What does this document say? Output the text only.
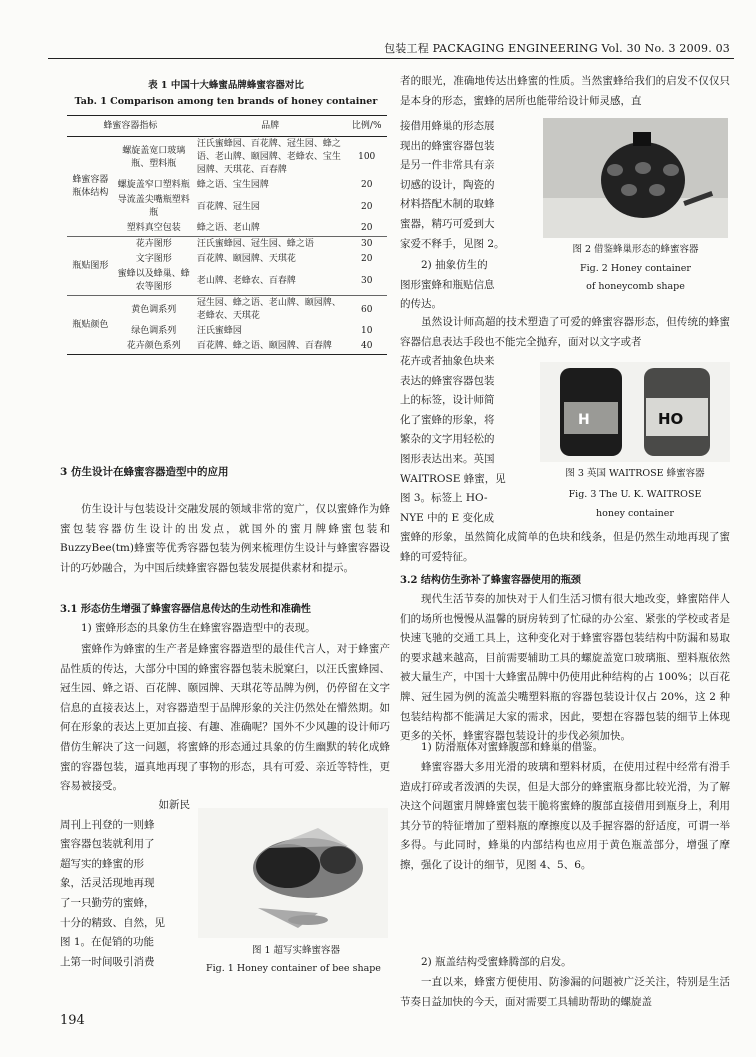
包装工程 PACKAGING ENGINEERING Vol. 30 No. 3 2009. 03
表 1 中国十大蜂蜜品牌蜂蜜容器对比
Tab. 1 Comparison among ten brands of honey container
蜂蜜容器指标		品牌	比例/%
蜂蜜容器瓶体结构	螺旋盖宽口玻璃瓶、塑料瓶	汪氏蜜蜂园、百花牌、冠生园、蜂之语、老山牌、颐园牌、老蜂农、宝生园牌、天琪花、百春牌	100
	螺旋盖窄口塑料瓶	蜂之语、宝生园牌	20
	导流盖尖嘴瓶塑料瓶	百花牌、冠生园	20
	塑料真空包装	蜂之语、老山牌	20
瓶贴图形	花卉图形	汪氏蜜蜂园、冠生园、蜂之语	30
	文字图形	百花牌、颐园牌、天琪花	20
	蜜蜂以及蜂巢、蜂农等图形	老山牌、老蜂农、百春牌	30
瓶贴颜色	黄色调系列	冠生园、蜂之语、老山牌、颐园牌、老蜂农、天琪花	60
	绿色调系列	汪氏蜜蜂园	10
	花卉颜色系列	百花牌、蜂之语、颐园牌、百春牌	40
3 仿生设计在蜂蜜容器造型中的应用

仿生设计与包装设计交融发展的领域非常的宽广，仅以蜜蜂作为蜂蜜包装容器仿生设计的出发点，就国外的蜜月牌蜂蜜包装和 BuzzyBee(tm)蜂蜜等优秀容器包装为例来梳理仿生设计与蜂蜜容器设计的巧妙融合，为中国后续蜂蜜容器包装发展提供素材和提示。

3.1 形态仿生增强了蜂蜜容器信息传达的生动性和准确性

1) 蜜蜂形态的具象仿生在蜂蜜容器造型中的表现。

蜜蜂作为蜂蜜的生产者是蜂蜜容器造型的最佳代言人，对于蜂蜜产品性质的传达，大部分中国的蜂蜜容器包装未脱窠臼，以汪氏蜜蜂园、冠生园、蜂之语、百花牌、颐园牌、天琪花等品牌为例，仍停留在文字信息的直接表达上，对容器造型于品牌形象的关注仍然处在懵然期。如何在形象的表达上更加直接、有趣、准确呢？国外不少风趣的设计师巧借仿生解决了这一问题，将蜜蜂的形态通过具象的仿生幽默的转化成蜂蜜的容器包装，逼真地再现了事物的形态，具有可爱、亲近等特性，更容易被接受。

如新民

周刊上刊登的一则蜂

蜜容器包装就利用了

超写实的蜂蜜的形

象，活灵活现地再现

了一只勤劳的蜜蜂，

十分的精致、自然，见

图 1。在促销的功能

上第一时间吸引消费

图 1 超写实蜂蜜容器
Fig. 1 Honey container of bee shape
194

者的眼光，准确地传达出蜂蜜的性质。当然蜜蜂给我们的启发不仅仅只是本身的形态，蜜蜂的居所也能带给设计师灵感，直

接借用蜂巢的形态展

现出的蜂蜜容器包装

是另一件非常具有亲

切感的设计，陶瓷的

材料搭配木制的取蜂

蜜器，精巧可爱到大

家爱不释手，见图 2。

2) 抽象仿生的

图形蜜蜂和瓶贴信息

的传达。

图 2 借鉴蜂巢形态的蜂蜜容器
Fig. 2 Honey container
of honeycomb shape

虽然设计师高超的技术塑造了可爱的蜂蜜容器形态，但传统的蜂蜜容器信息表达手段也不能完全抛弃，面对以文字或者

花卉或者抽象色块来

表达的蜂蜜容器包装

上的标签，设计师简

化了蜜蜂的形象，将

繁杂的文字用轻松的

图形表达出来。英国

WAITROSE 蜂蜜，见

图 3。标签上 HO-

NYE 中的 E 变化成

H	HO
图 3 英国 WAITROSE 蜂蜜容器
Fig. 3 The U. K. WAITROSE
honey container

蜜蜂的形象，虽然简化成简单的色块和线条，但是仍然生动地再现了蜜蜂的可爱特征。

3.2 结构仿生弥补了蜂蜜容器使用的瓶颈

现代生活节奏的加快对于人们生活习惯有很大地改变，蜂蜜陪伴人们的场所也慢慢从温馨的厨房转到了忙碌的办公室、紧张的学校或者是快速飞驰的交通工具上，这种变化对于蜂蜜容器包装结构中防漏和易取的要求越来越高，目前需要辅助工具的螺旋盖宽口玻璃瓶、塑料瓶依然被大量生产，中国十大蜂蜜品牌中仍使用此种结构的占 100%；以百花牌、冠生园为例的流盖尖嘴塑料瓶的容器包装设计仅占 20%，这 2 种包装结构都不能满足大家的需求，因此，要想在容器包装的细节上体现更多的关怀，蜂蜜容器包装设计的步伐必须加快。

1) 防滑瓶体对蜜蜂腹部和蜂巢的借鉴。

蜂蜜容器大多用光滑的玻璃和塑料材质，在使用过程中经常有滑手造成打碎或者泼洒的失误，但是大部分的蜂蜜瓶身都比较光滑，为了解决这个问题蜜月牌蜂蜜包装干脆将蜜蜂的腹部直接借用到瓶身上，利用其分节的特征增加了塑料瓶的摩擦度以及手握容器的舒适度，可谓一举多得。与此同时，蜂巢的内部结构也应用于黄色瓶盖部分，增强了摩擦，强化了设计的细节，见图 4、5、6。

2) 瓶盖结构受蜜蜂腾部的启发。

一直以来，蜂蜜方便使用、防渗漏的问题被广泛关注，特别是生活节奏日益加快的今天，面对需要工具辅助帮助的螺旋盖
